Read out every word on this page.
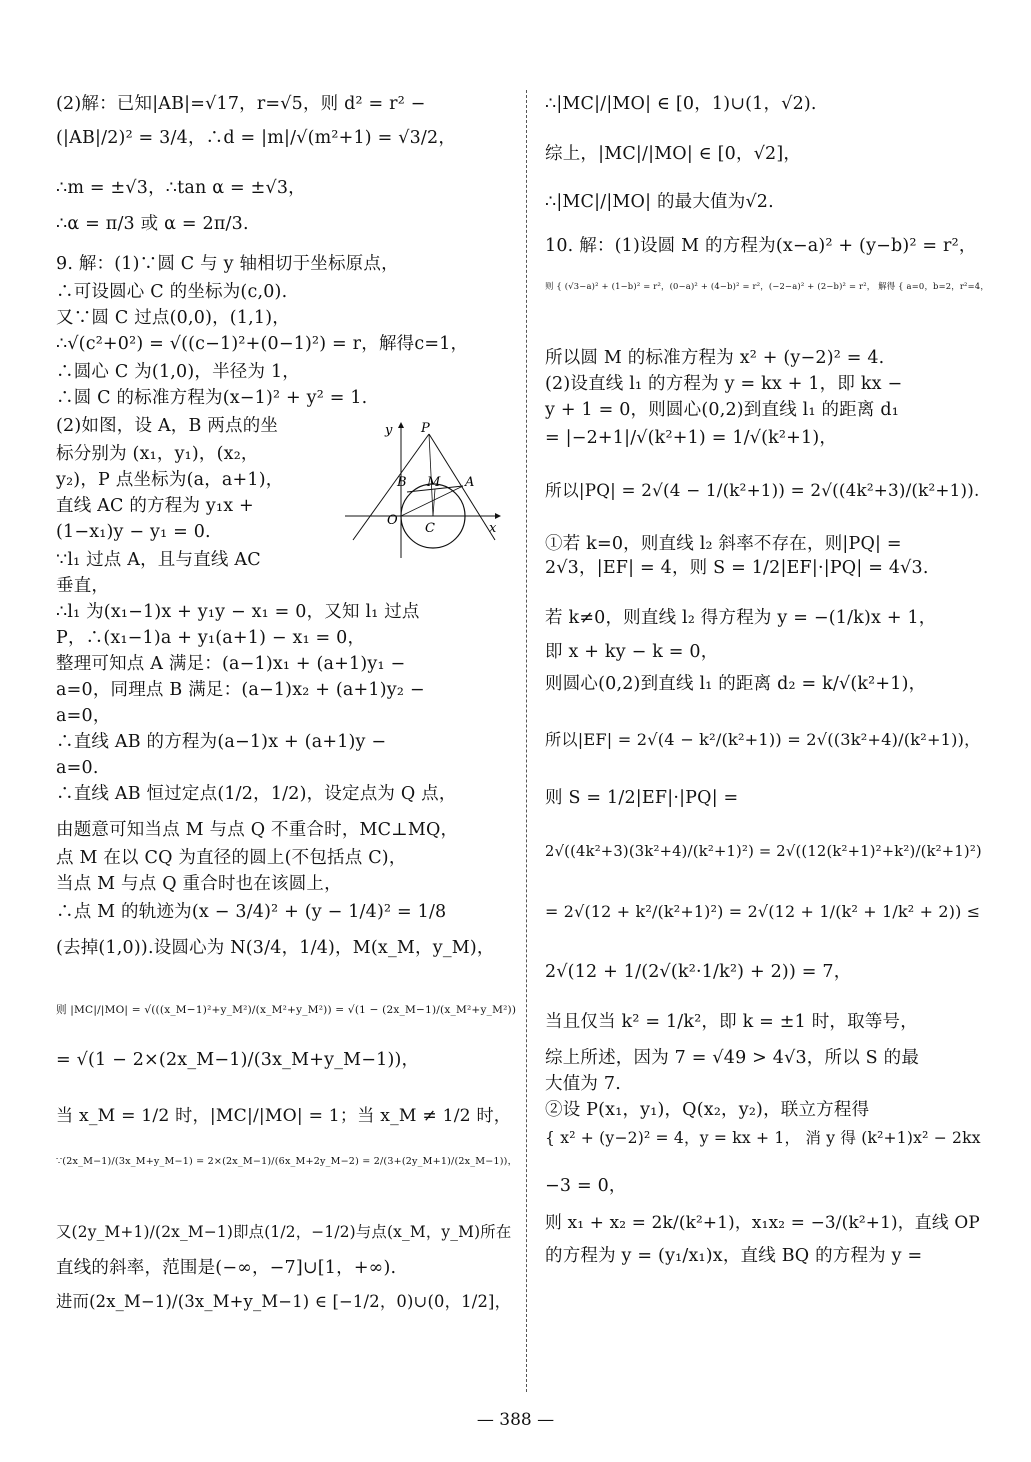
(2)解：已知|AB|=√17，r=√5，则 d² = r² −
(|AB|/2)² = 3/4，∴d = |m|/√(m²+1) = √3/2，
∴m = ±√3，∴tan α = ±√3，
∴α = π/3 或 α = 2π/3.
9. 解：(1)∵圆 C 与 y 轴相切于坐标原点，
∴可设圆心 C 的坐标为(c,0).
又∵圆 C 过点(0,0)，(1,1)，
∴√(c²+0²) = √((c−1)²+(0−1)²) = r，解得c=1，
∴圆心 C 为(1,0)，半径为 1，
∴圆 C 的标准方程为(x−1)² + y² = 1.
(2)如图，设 A，B 两点的坐
标分别为 (x₁，y₁)，(x₂，
y₂)，P 点坐标为(a，a+1)，
直线 AC 的方程为 y₁x +
(1−x₁)y − y₁ = 0.
∵l₁ 过点 A，且与直线 AC
垂直，
∴l₁ 为(x₁−1)x + y₁y − x₁ = 0，又知 l₁ 过点
P，∴(x₁−1)a + y₁(a+1) − x₁ = 0，
整理可知点 A 满足：(a−1)x₁ + (a+1)y₁ −
a=0，同理点 B 满足：(a−1)x₂ + (a+1)y₂ −
a=0，
∴直线 AB 的方程为(a−1)x + (a+1)y −
a=0.
∴直线 AB 恒过定点(1/2，1/2)，设定点为 Q 点，
由题意可知当点 M 与点 Q 不重合时，MC⊥MQ，
点 M 在以 CQ 为直径的圆上(不包括点 C)，
当点 M 与点 Q 重合时也在该圆上，
∴点 M 的轨迹为(x − 3/4)² + (y − 1/4)² = 1/8
(去掉(1,0)).设圆心为 N(3/4，1/4)，M(x_M，y_M)，
则 |MC|/|MO| = √(((x_M−1)²+y_M²)/(x_M²+y_M²)) = √(1 − (2x_M−1)/(x_M²+y_M²))
= √(1 − 2×(2x_M−1)/(3x_M+y_M−1))，
当 x_M = 1/2 时，|MC|/|MO| = 1；当 x_M ≠ 1/2 时，
∵(2x_M−1)/(3x_M+y_M−1) = 2×(2x_M−1)/(6x_M+2y_M−2) = 2/(3+(2y_M+1)/(2x_M−1))，
又(2y_M+1)/(2x_M−1)即点(1/2，−1/2)与点(x_M，y_M)所在
直线的斜率，范围是(−∞，−7]∪[1，+∞).
进而(2x_M−1)/(3x_M+y_M−1) ∈ [−1/2，0)∪(0，1/2]，
∴|MC|/|MO| ∈ [0，1)∪(1，√2).
综上，|MC|/|MO| ∈ [0，√2]，
∴|MC|/|MO| 的最大值为√2.
10. 解：(1)设圆 M 的方程为(x−a)² + (y−b)² = r²，
则 { (√3−a)² + (1−b)² = r²，(0−a)² + (4−b)² = r²，(−2−a)² + (2−b)² = r²， 解得 { a=0，b=2，r²=4，
所以圆 M 的标准方程为 x² + (y−2)² = 4.
(2)设直线 l₁ 的方程为 y = kx + 1，即 kx −
y + 1 = 0，则圆心(0,2)到直线 l₁ 的距离 d₁
= |−2+1|/√(k²+1) = 1/√(k²+1)，
所以|PQ| = 2√(4 − 1/(k²+1)) = 2√((4k²+3)/(k²+1)).
①若 k=0，则直线 l₂ 斜率不存在，则|PQ| =
2√3，|EF| = 4，则 S = 1/2|EF|·|PQ| = 4√3.
若 k≠0，则直线 l₂ 得方程为 y = −(1/k)x + 1，
即 x + ky − k = 0，
则圆心(0,2)到直线 l₁ 的距离 d₂ = k/√(k²+1)，
所以|EF| = 2√(4 − k²/(k²+1)) = 2√((3k²+4)/(k²+1))，
则 S = 1/2|EF|·|PQ| =
2√((4k²+3)(3k²+4)/(k²+1)²) = 2√((12(k²+1)²+k²)/(k²+1)²)
= 2√(12 + k²/(k²+1)²) = 2√(12 + 1/(k² + 1/k² + 2)) ≤
2√(12 + 1/(2√(k²·1/k²) + 2)) = 7，
当且仅当 k² = 1/k²，即 k = ±1 时，取等号，
综上所述，因为 7 = √49 > 4√3，所以 S 的最
大值为 7.
②设 P(x₁，y₁)，Q(x₂，y₂)，联立方程得
{ x² + (y−2)² = 4，y = kx + 1， 消 y 得 (k²+1)x² − 2kx
−3 = 0，
则 x₁ + x₂ = 2k/(k²+1)，x₁x₂ = −3/(k²+1)，直线 OP
的方程为 y = (y₁/x₁)x，直线 BQ 的方程为 y =
y
x
P
B M A
O
C
— 388 —
